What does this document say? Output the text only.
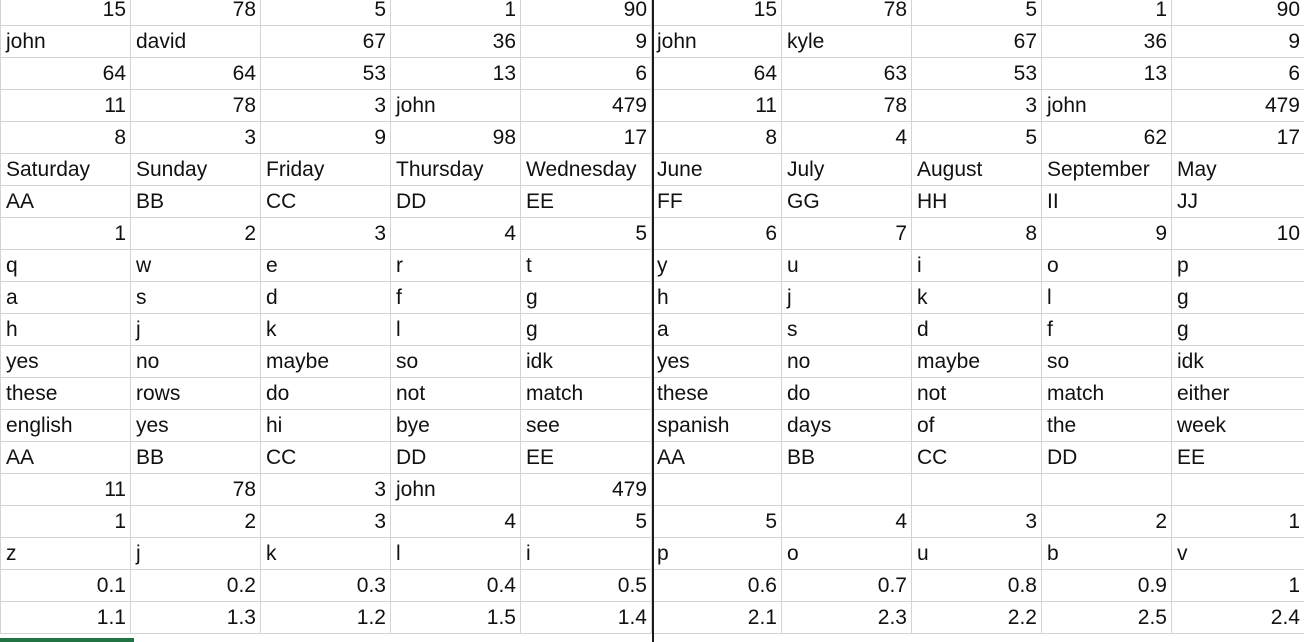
15	78	5	1	90	15	78	5	1	90
john	david	67	36	9	john	kyle	67	36	9
64	64	53	13	6	64	63	53	13	6
11	78	3	john	479	11	78	3	john	479
8	3	9	98	17	8	4	5	62	17
Saturday	Sunday	Friday	Thursday	Wednesday	June	July	August	September	May
AA	BB	CC	DD	EE	FF	GG	HH	II	JJ
1	2	3	4	5	6	7	8	9	10
q	w	e	r	t	y	u	i	o	p
a	s	d	f	g	h	j	k	l	g
h	j	k	l	g	a	s	d	f	g
yes	no	maybe	so	idk	yes	no	maybe	so	idk
these	rows	do	not	match	these	do	not	match	either
english	yes	hi	bye	see	spanish	days	of	the	week
AA	BB	CC	DD	EE	AA	BB	CC	DD	EE
11	78	3	john	479					
1	2	3	4	5	5	4	3	2	1
z	j	k	l	i	p	o	u	b	v
0.1	0.2	0.3	0.4	0.5	0.6	0.7	0.8	0.9	1
1.1	1.3	1.2	1.5	1.4	2.1	2.3	2.2	2.5	2.4
